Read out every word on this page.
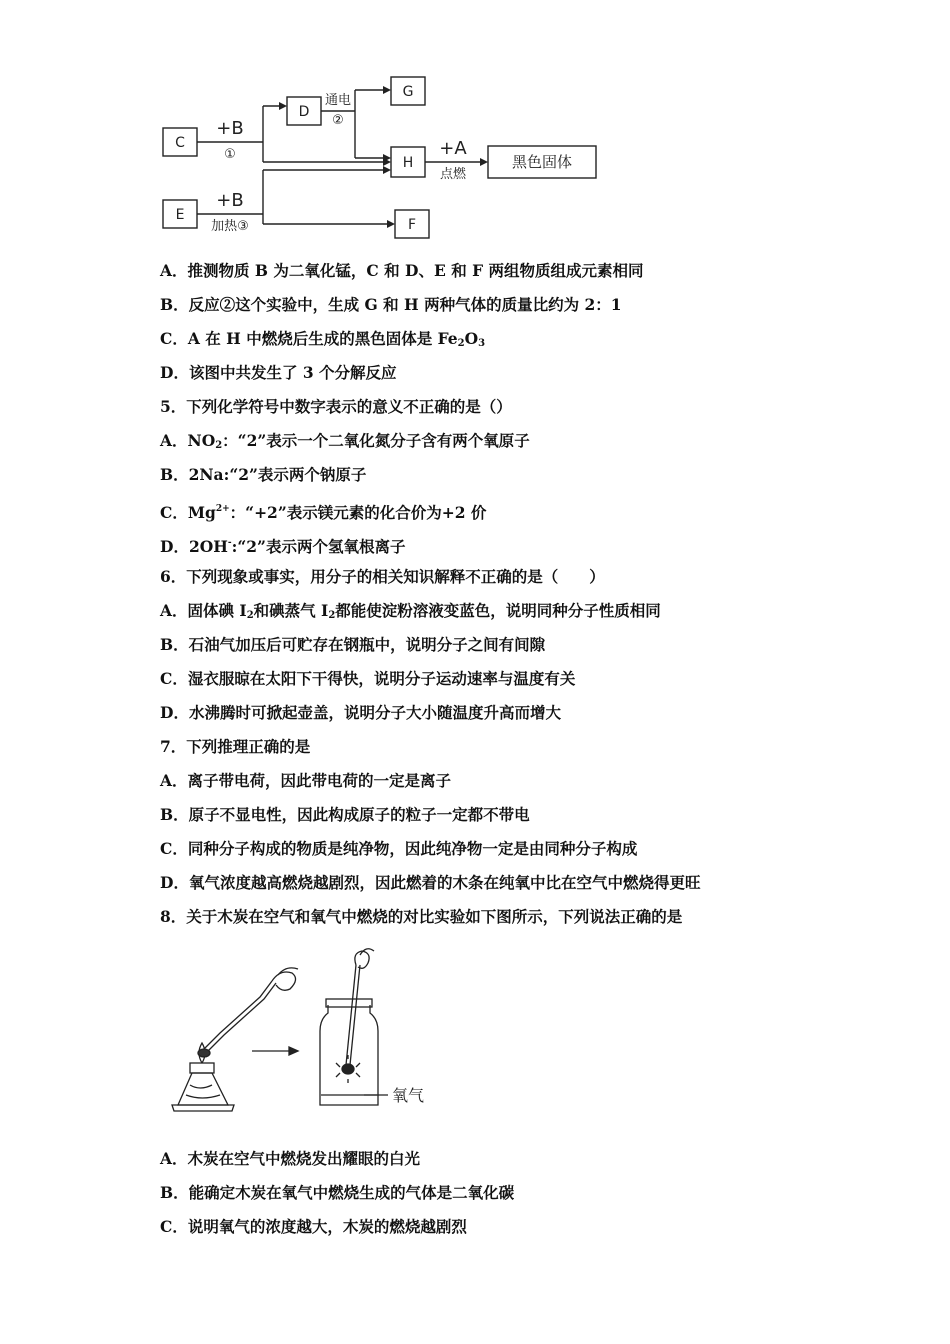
C
E
D
G
H
F
黑色固体
+B
①
+B
加热③
通电
②
+A
点燃
A．推测物质 B 为二氧化锰，C 和 D、E 和 F 两组物质组成元素相同
B．反应②这个实验中，生成 G 和 H 两种气体的质量比约为 2：1
C．A 在 H 中燃烧后生成的黑色固体是 $Fe_2O_3$
D．该图中共发生了 3 个分解反应
5．下列化学符号中数字表示的意义不正确的是（）
A．$NO_2$：“2”表示一个二氧化氮分子含有两个氧原子
B．2Na:“2”表示两个钠原子
C．$Mg^{2+}$：“+2”表示镁元素的化合价为+2 价
D．2OH-:“2”表示两个氢氧根离子
6．下列现象或事实，用分子的相关知识解释不正确的是（　　）
A．固体碘 $I_2$和碘蒸气 $I_2$都能使淀粉溶液变蓝色，说明同种分子性质相同
B．石油气加压后可贮存在钢瓶中，说明分子之间有间隙
C．湿衣服晾在太阳下干得快，说明分子运动速率与温度有关
D．水沸腾时可掀起壶盖，说明分子大小随温度升高而增大
7．下列推理正确的是
A．离子带电荷，因此带电荷的一定是离子
B．原子不显电性，因此构成原子的粒子一定都不带电
C．同种分子构成的物质是纯净物，因此纯净物一定是由同种分子构成
D．氧气浓度越高燃烧越剧烈，因此燃着的木条在纯氧中比在空气中燃烧得更旺
8．关于木炭在空气和氧气中燃烧的对比实验如下图所示，下列说法正确的是
氧气
A．木炭在空气中燃烧发出耀眼的白光
B．能确定木炭在氧气中燃烧生成的气体是二氧化碳
C．说明氧气的浓度越大，木炭的燃烧越剧烈
